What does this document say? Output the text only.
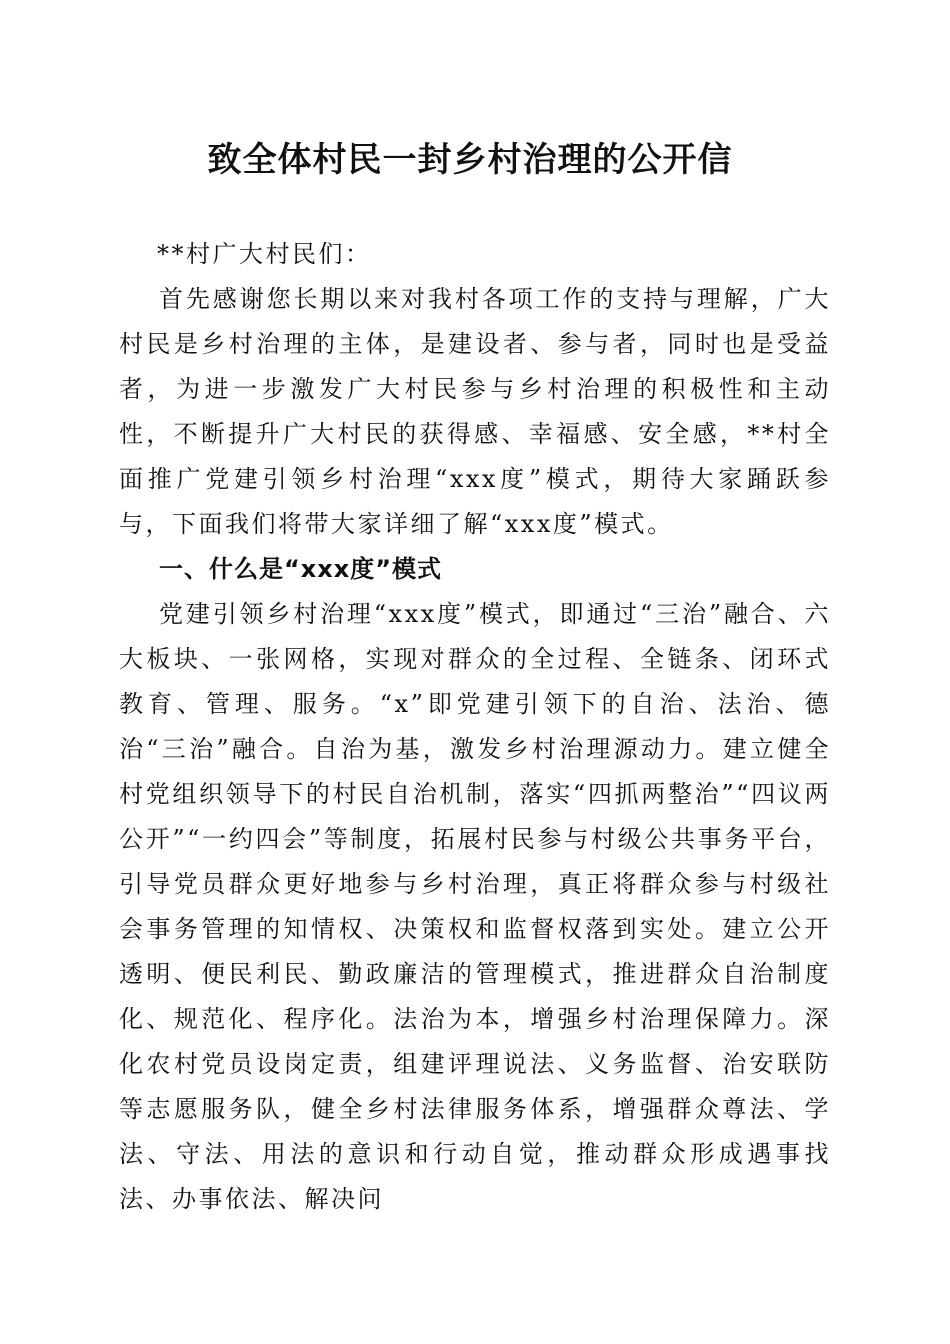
致全体村民一封乡村治理的公开信

**村广大村民们：

首先感谢您长期以来对我村各项工作的支持与理解，广大村民是乡村治理的主体，是建设者、参与者，同时也是受益者，为进一步激发广大村民参与乡村治理的积极性和主动性，不断提升广大村民的获得感、幸福感、安全感，**村全面推广党建引领乡村治理“xxx度”模式，期待大家踊跃参与，下面我们将带大家详细了解“xxx度”模式。

一、什么是“xxx度”模式

党建引领乡村治理“xxx度”模式，即通过“三治”融合、六大板块、一张网格，实现对群众的全过程、全链条、闭环式教育、管理、服务。“x”即党建引领下的自治、法治、德治“三治”融合。自治为基，激发乡村治理源动力。建立健全村党组织领导下的村民自治机制，落实“四抓两整治”“四议两公开”“一约四会”等制度，拓展村民参与村级公共事务平台，引导党员群众更好地参与乡村治理，真正将群众参与村级社会事务管理的知情权、决策权和监督权落到实处。建立公开透明、便民利民、勤政廉洁的管理模式，推进群众自治制度化、规范化、程序化。法治为本，增强乡村治理保障力。深化农村党员设岗定责，组建评理说法、义务监督、治安联防等志愿服务队，健全乡村法律服务体系，增强群众尊法、学法、守法、用法的意识和行动自觉，推动群众形成遇事找法、办事依法、解决问
